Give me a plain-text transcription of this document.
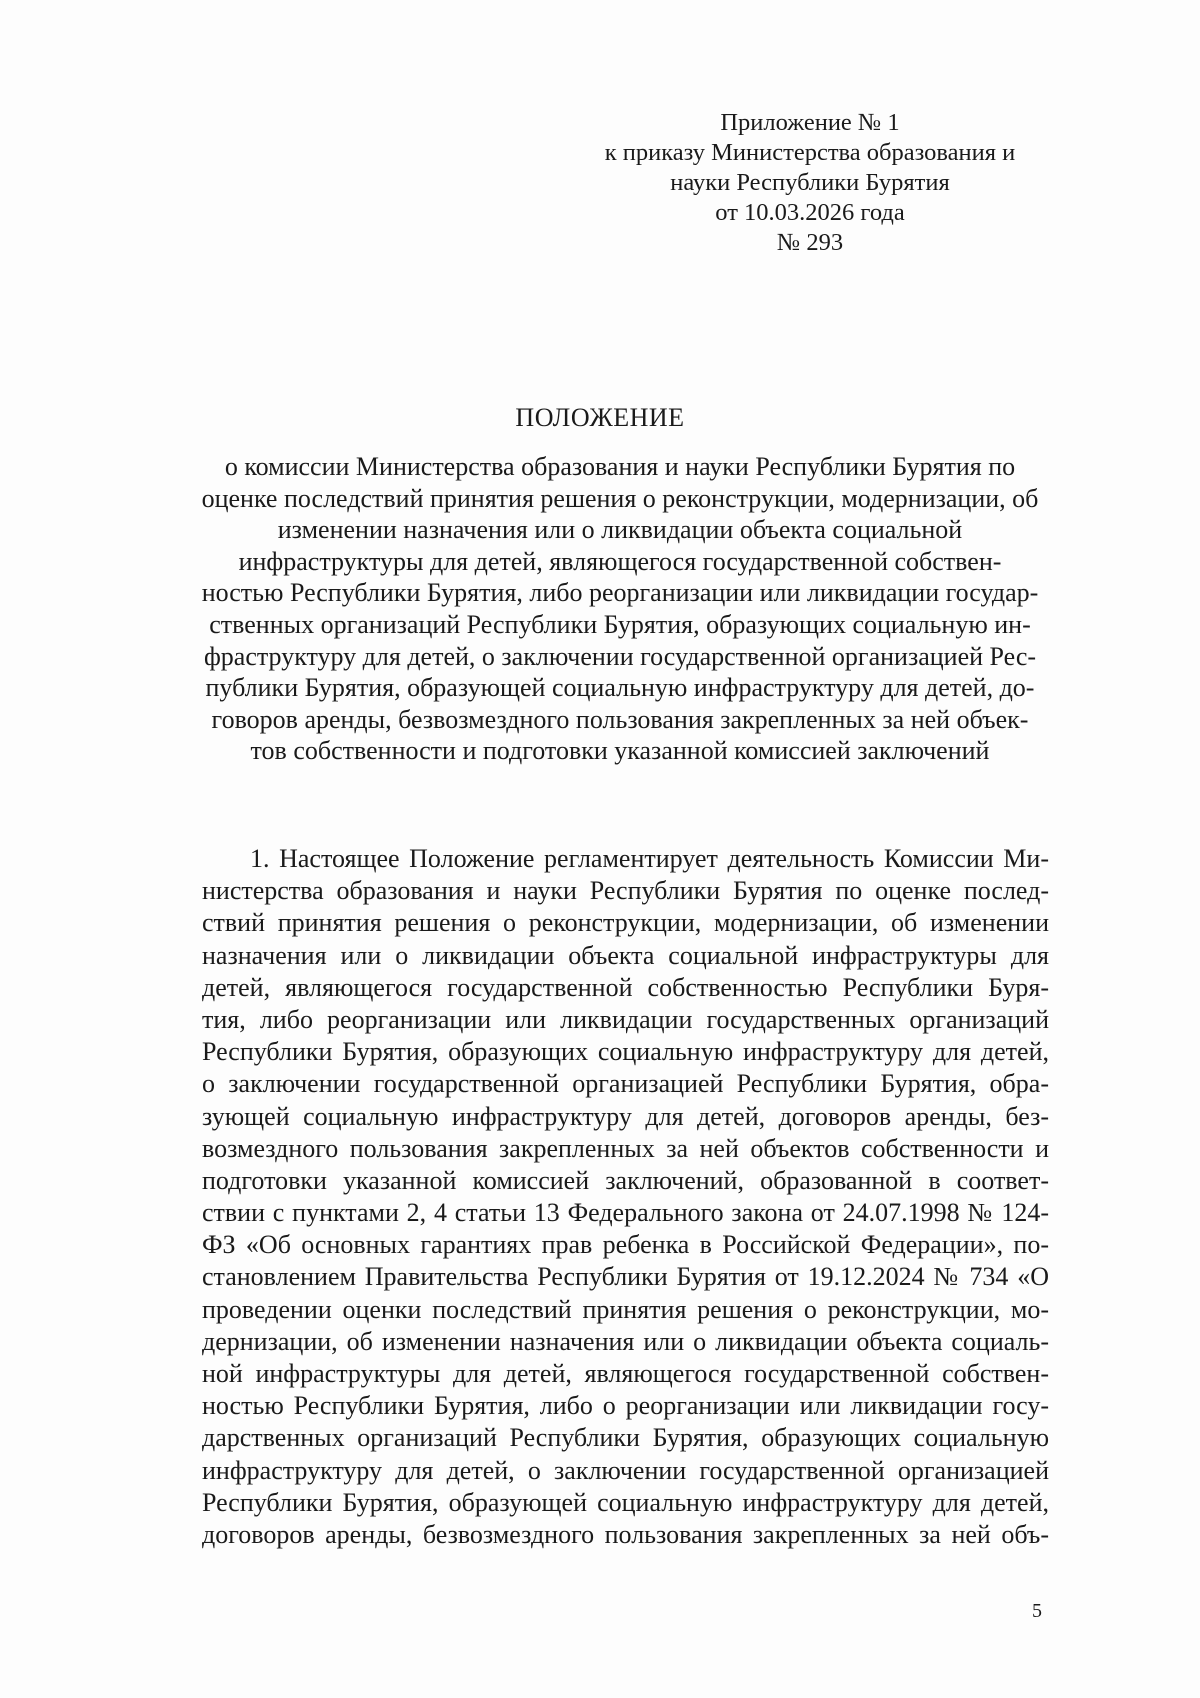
Приложение № 1
к приказу Министерства образования и
науки Республики Бурятия
от 10.03.2026 года
№ 293
ПОЛОЖЕНИЕ
о комиссии Министерства образования и науки Республики Бурятия по
оценке последствий принятия решения о реконструкции, модернизации, об
изменении назначения или о ликвидации объекта социальной
инфраструктуры для детей, являющегося государственной собствен-
ностью Республики Бурятия, либо реорганизации или ликвидации государ-
ственных организаций Республики Бурятия, образующих социальную ин-
фраструктуру для детей, о заключении государственной организацией Рес-
публики Бурятия, образующей социальную инфраструктуру для детей, до-
говоров аренды, безвозмездного пользования закрепленных за ней объек-
тов собственности и подготовки указанной комиссией заключений
1. Настоящее Положение регламентирует деятельность Комиссии Ми-
нистерства образования и науки Республики Бурятия по оценке послед-
ствий принятия решения о реконструкции, модернизации, об изменении
назначения или о ликвидации объекта социальной инфраструктуры для
детей, являющегося государственной собственностью Республики Буря-
тия, либо реорганизации или ликвидации государственных организаций
Республики Бурятия, образующих социальную инфраструктуру для детей,
о заключении государственной организацией Республики Бурятия, обра-
зующей социальную инфраструктуру для детей, договоров аренды, без-
возмездного пользования закрепленных за ней объектов собственности и
подготовки указанной комиссией заключений, образованной в соответ-
ствии с пунктами 2, 4 статьи 13 Федерального закона от 24.07.1998 № 124-
ФЗ «Об основных гарантиях прав ребенка в Российской Федерации», по-
становлением Правительства Республики Бурятия от 19.12.2024 № 734 «О
проведении оценки последствий принятия решения о реконструкции, мо-
дернизации, об изменении назначения или о ликвидации объекта социаль-
ной инфраструктуры для детей, являющегося государственной собствен-
ностью Республики Бурятия, либо о реорганизации или ликвидации госу-
дарственных организаций Республики Бурятия, образующих социальную
инфраструктуру для детей, о заключении государственной организацией
Республики Бурятия, образующей социальную инфраструктуру для детей,
договоров аренды, безвозмездного пользования закрепленных за ней объ-
5
